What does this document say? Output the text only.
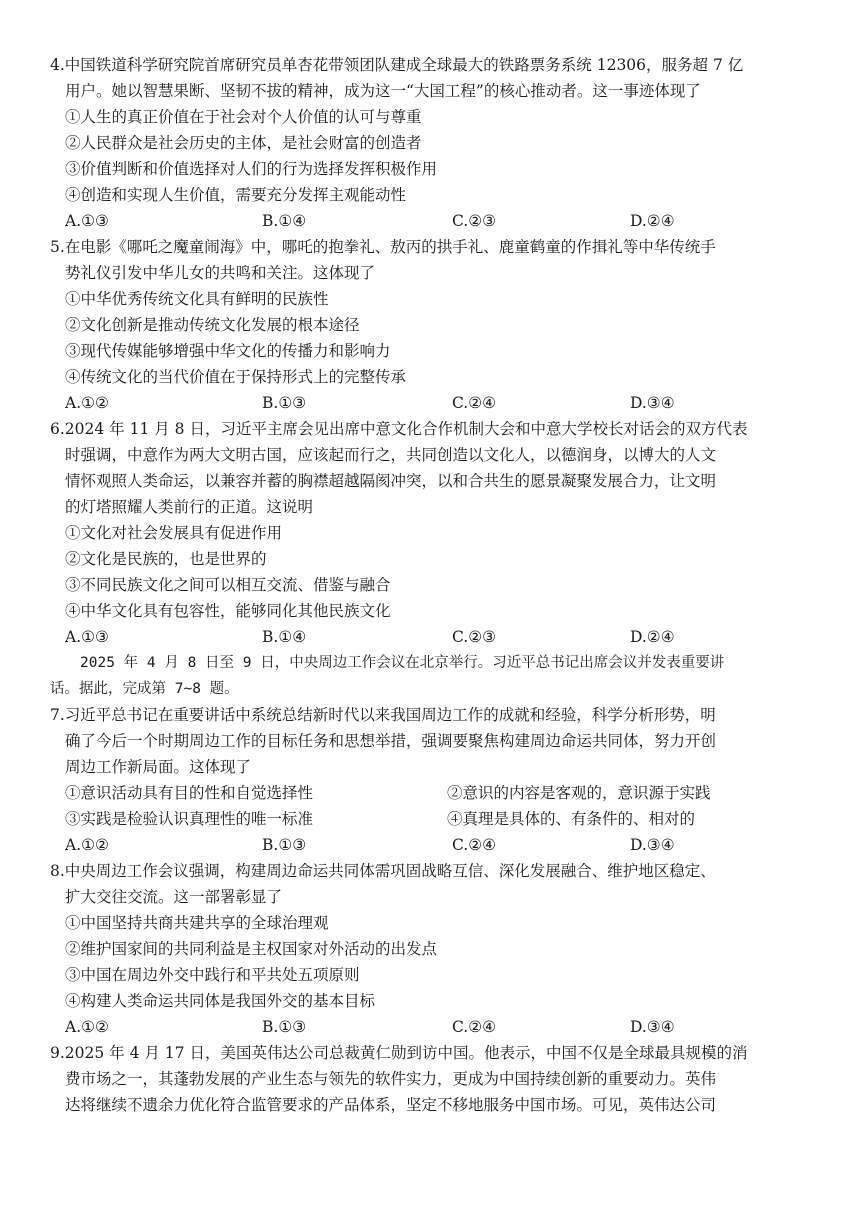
4.中国铁道科学研究院首席研究员单杏花带领团队建成全球最大的铁路票务系统 12306，服务超 7 亿
用户。她以智慧果断、坚韧不拔的精神，成为这一“大国工程”的核心推动者。这一事迹体现了
①人生的真正价值在于社会对个人价值的认可与尊重
②人民群众是社会历史的主体，是社会财富的创造者
③价值判断和价值选择对人们的行为选择发挥积极作用
④创造和实现人生价值，需要充分发挥主观能动性
A.①③	B.①④	C.②③	D.②④
5.在电影《哪吒之魔童闹海》中，哪吒的抱拳礼、敖丙的拱手礼、鹿童鹤童的作揖礼等中华传统手
势礼仪引发中华儿女的共鸣和关注。这体现了
①中华优秀传统文化具有鲜明的民族性
②文化创新是推动传统文化发展的根本途径
③现代传媒能够增强中华文化的传播力和影响力
④传统文化的当代价值在于保持形式上的完整传承
A.①②	B.①③	C.②④	D.③④
6.2024 年 11 月 8 日，习近平主席会见出席中意文化合作机制大会和中意大学校长对话会的双方代表
时强调，中意作为两大文明古国，应该起而行之，共同创造以文化人，以德润身，以博大的人文
情怀观照人类命运，以兼容并蓄的胸襟超越隔阂冲突，以和合共生的愿景凝聚发展合力，让文明
的灯塔照耀人类前行的正道。这说明
①文化对社会发展具有促进作用
②文化是民族的，也是世界的
③不同民族文化之间可以相互交流、借鉴与融合
④中华文化具有包容性，能够同化其他民族文化
A.①③	B.①④	C.②③	D.②④
2025 年 4 月 8 日至 9 日，中央周边工作会议在北京举行。习近平总书记出席会议并发表重要讲
话。据此，完成第 7~8 题。
7.习近平总书记在重要讲话中系统总结新时代以来我国周边工作的成就和经验，科学分析形势，明
确了今后一个时期周边工作的目标任务和思想举措，强调要聚焦构建周边命运共同体，努力开创
周边工作新局面。这体现了
①意识活动具有目的性和自觉选择性	②意识的内容是客观的，意识源于实践
③实践是检验认识真理性的唯一标准	④真理是具体的、有条件的、相对的
A.①②	B.①③	C.②④	D.③④
8.中央周边工作会议强调，构建周边命运共同体需巩固战略互信、深化发展融合、维护地区稳定、
扩大交往交流。这一部署彰显了
①中国坚持共商共建共享的全球治理观
②维护国家间的共同利益是主权国家对外活动的出发点
③中国在周边外交中践行和平共处五项原则
④构建人类命运共同体是我国外交的基本目标
A.①②	B.①③	C.②④	D.③④
9.2025 年 4 月 17 日，美国英伟达公司总裁黄仁勋到访中国。他表示，中国不仅是全球最具规模的消
费市场之一，其蓬勃发展的产业生态与领先的软件实力，更成为中国持续创新的重要动力。英伟
达将继续不遗余力优化符合监管要求的产品体系，坚定不移地服务中国市场。可见，英伟达公司
